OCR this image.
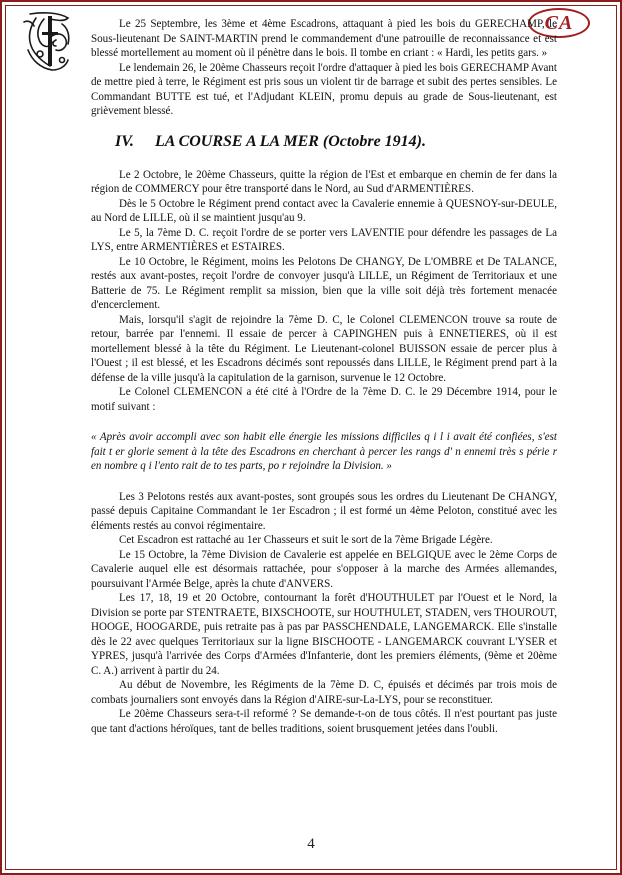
CA

Le 25 Septembre, les 3ème et 4ème Escadrons, attaquant à pied les bois du GERECHAMP, le Sous-lieutenant De SAINT-MARTIN prend le commandement d'une patrouille de reconnaissance et est blessé mortellement au moment où il pénètre dans le bois. Il tombe en criant : « Hardi, les petits gars. »

Le lendemain 26, le 20ème Chasseurs reçoit l'ordre d'attaquer à pied les bois GERECHAMP Avant de mettre pied à terre, le Régiment est pris sous un violent tir de barrage et subit des pertes sensibles. Le Commandant BUTTE est tué, et l'Adjudant KLEIN, promu depuis au grade de Sous-lieutenant, est grièvement blessé.

IV. LA COURSE A LA MER (Octobre 1914).

Le 2 Octobre, le 20ème Chasseurs, quitte la région de l'Est et embarque en chemin de fer dans la région de COMMERCY pour être transporté dans le Nord, au Sud d'ARMENTIÈRES.

Dès le 5 Octobre le Régiment prend contact avec la Cavalerie ennemie à QUESNOY-sur-DEULE, au Nord de LILLE, où il se maintient jusqu'au 9.

Le 5, la 7ème D. C. reçoit l'ordre de se porter vers LAVENTIE pour défendre les passages de La LYS, entre ARMENTIÈRES et ESTAIRES.

Le 10 Octobre, le Régiment, moins les Pelotons De CHANGY, De L'OMBRE et De TALANCE, restés aux avant-postes, reçoit l'ordre de convoyer jusqu'à LILLE, un Régiment de Territoriaux et une Batterie de 75. Le Régiment remplit sa mission, bien que la ville soit déjà très fortement menacée d'encerclement.

Mais, lorsqu'il s'agit de rejoindre la 7ème D. C, le Colonel CLEMENCON trouve sa route de retour, barrée par l'ennemi. Il essaie de percer à CAPINGHEN puis à ENNETIERES, où il est mortellement blessé à la tête du Régiment. Le Lieutenant-colonel BUISSON essaie de percer plus à l'Ouest ; il est blessé, et les Escadrons décimés sont repoussés dans LILLE, le Régiment prend part à la défense de la ville jusqu'à la capitulation de la garnison, survenue le 12 Octobre.

Le Colonel CLEMENCON a été cité à l'Ordre de la 7ème D. C. le 29 Décembre 1914, pour le motif suivant :

« Après avoir accompli avec son habit elle énergie les missions difficiles q i l i avait été confiées, s'est fait t er glorie sement à la tête des Escadrons en cherchant à percer les rangs d' n ennemi très s périe r en nombre q i l'ento rait de to tes parts, po r rejoindre la Division. »

Les 3 Pelotons restés aux avant-postes, sont groupés sous les ordres du Lieutenant De CHANGY, passé depuis Capitaine Commandant le 1er Escadron ; il est formé un 4ème Peloton, constitué avec les éléments restés au convoi régimentaire.

Cet Escadron est rattaché au 1er Chasseurs et suit le sort de la 7ème Brigade Légère.

Le 15 Octobre, la 7ème Division de Cavalerie est appelée en BELGIQUE avec le 2ème Corps de Cavalerie auquel elle est désormais rattachée, pour s'opposer à la marche des Armées allemandes, poursuivant l'Armée Belge, après la chute d'ANVERS.

Les 17, 18, 19 et 20 Octobre, contournant la forêt d'HOUTHULET par l'Ouest et le Nord, la Division se porte par STENTRAETE, BIXSCHOOTE, sur HOUTHULET, STADEN, vers THOUROUT, HOOGE, HOOGARDE, puis retraite pas à pas par PASSCHENDALE, LANGEMARCK. Elle s'installe dès le 22 avec quelques Territoriaux sur la ligne BISCHOOTE - LANGEMARCK couvrant L'YSER et YPRES, jusqu'à l'arrivée des Corps d'Armées d'Infanterie, dont les premiers éléments, (9ème et 20ème C. A.) arrivent à partir du 24.

Au début de Novembre, les Régiments de la 7ème D. C, épuisés et décimés par trois mois de combats journaliers sont envoyés dans la Région d'AIRE-sur-La-LYS, pour se reconstituer.

Le 20ème Chasseurs sera-t-il reformé ? Se demande-t-on de tous côtés. Il n'est pourtant pas juste que tant d'actions héroïques, tant de belles traditions, soient brusquement jetées dans l'oubli.

4
